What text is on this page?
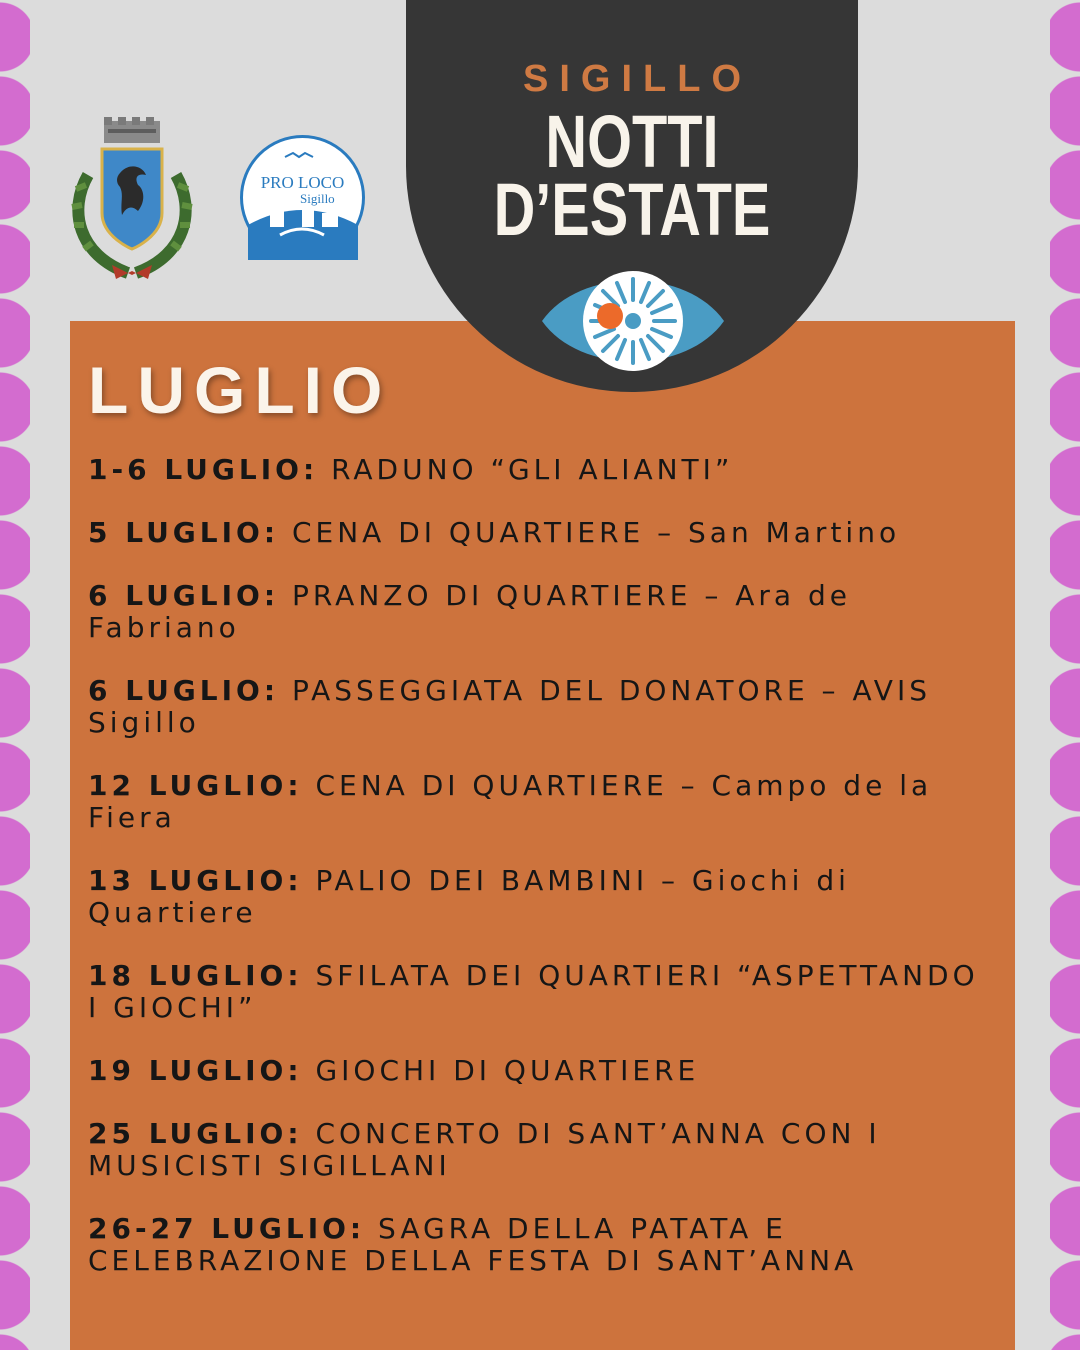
PRO LOCO
Sigillo
SIGILLO
NOTTI
D’ESTATE
LUGLIO
1-6 LUGLIO: RADUNO “GLI ALIANTI”
5 LUGLIO: CENA DI QUARTIERE – San Martino
6 LUGLIO: PRANZO DI QUARTIERE – Ara de Fabriano
6 LUGLIO: PASSEGGIATA DEL DONATORE – AVIS Sigillo
12 LUGLIO: CENA DI QUARTIERE – Campo de la Fiera
13 LUGLIO: PALIO DEI BAMBINI – Giochi di Quartiere
18 LUGLIO: SFILATA DEI QUARTIERI “ASPETTANDO I GIOCHI”
19 LUGLIO: GIOCHI DI QUARTIERE
25 LUGLIO: CONCERTO DI SANT’ANNA CON I MUSICISTI SIGILLANI
26-27 LUGLIO: SAGRA DELLA PATATA E CELEBRAZIONE DELLA FESTA DI SANT’ANNA
